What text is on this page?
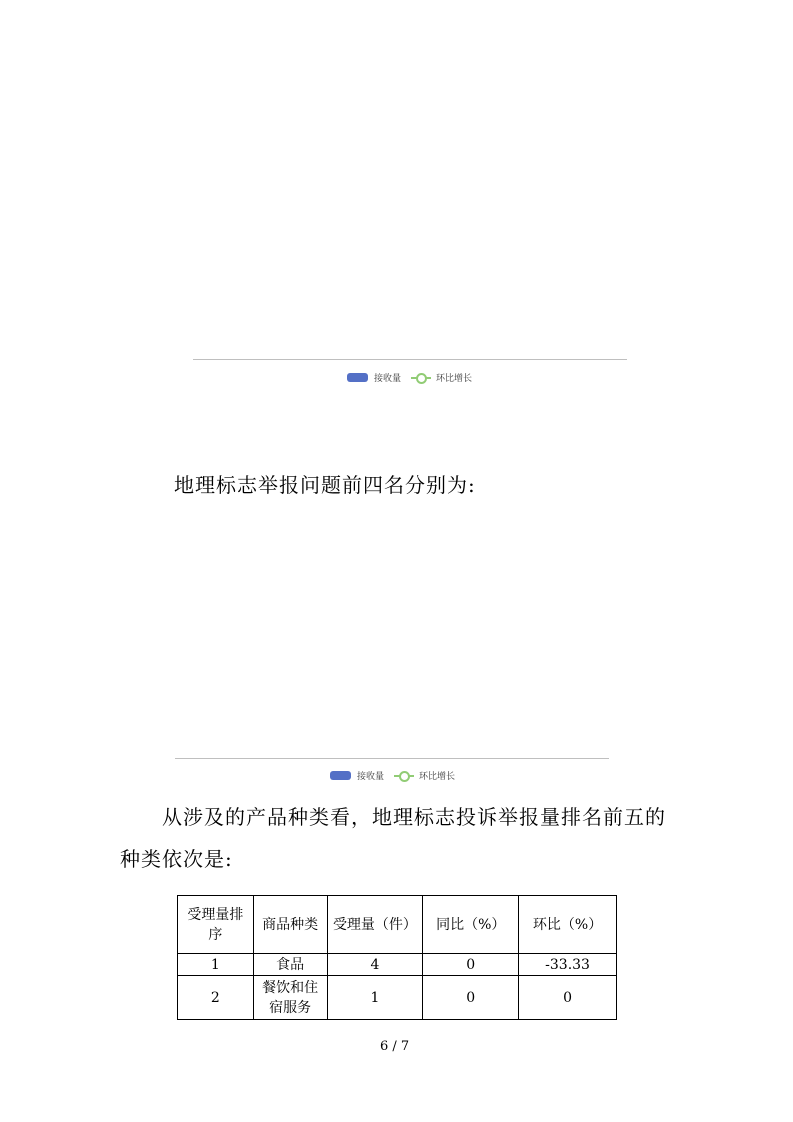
接收量	环比增长
地理标志举报问题前四名分别为:
接收量	环比增长
从涉及的产品种类看，地理标志投诉举报量排名前五的
种类依次是:
受理量排
序	商品种类	受理量（件）	同比（%）	环比（%）

1	食品	4	0	-33.33

2	餐饮和住
宿服务	1	0	0
6 / 7
